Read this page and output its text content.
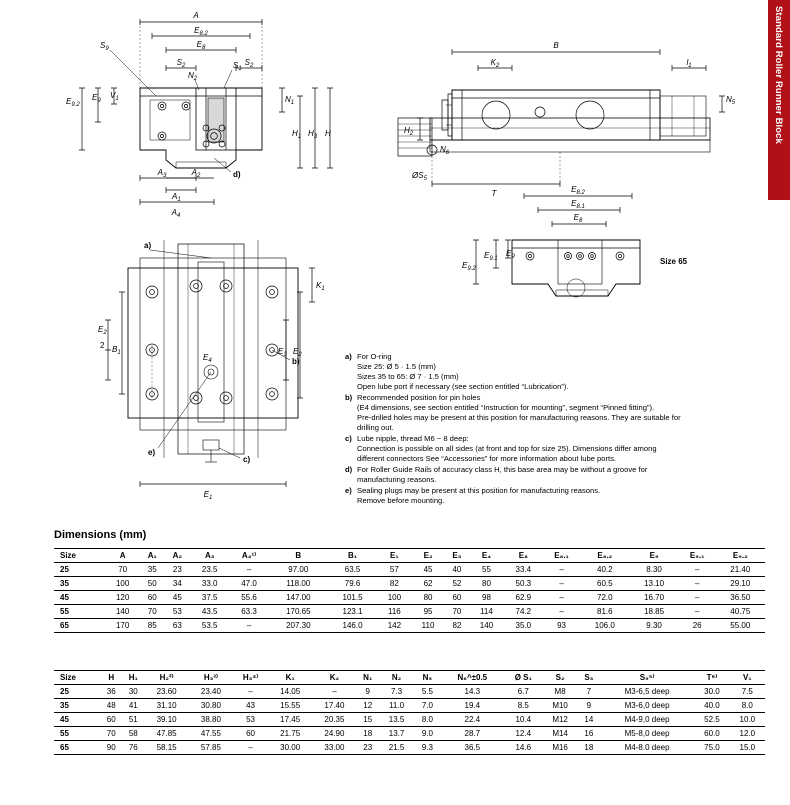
Standard Roller Runner Block
A
$E_{8.2}$
$E_8$
$S_2$	$S_2$
$S_1$
$S_9$
$N_2$
$N_1$
$E_{9.2}$
$E_9$
$V_1$
$H_1$ $H_3$ H
$A_3$	$A_2$
$A_1$
$A_4$
d)
B
$K_2$	$l_1$
$H_2$
$N_6$
$N_5$
$ØS_5$
T	$E_{8.2}$
$E_{8.1}$
$E_8$
$E_{9.2}$
$E_{9.1}$
$E_9$	Size 65
a)
b)
e)
c)
$K_1$
$E_2$
2 $B_1$	$E_4$
$E_3$ $E_2$
$E_1$
a) For O-ring
Size 25: Ø 5 · 1.5 (mm)
Sizes 35 to 65: Ø 7 · 1.5 (mm)
Open lube port if necessary (see section entitled “Lubrication”).
b) Recommended position for pin holes
(E4 dimensions, see section entitled “Instruction for mounting”, segment “Pinned fitting”).
Pre-drilled holes may be present at this position for manufacturing reasons. They are suitable for
drilling out.
c) Lube nipple, thread M6 − 8 deep:
Connection is possible on all sides (at front and top for size 25). Dimensions differ among
different connectors See “Accessories” for more information about lube ports.
d) For Roller Guide Rails of accuracy class H, this base area may be without a groove for
manufacturing reasons.
e) Sealing plugs may be present at this position for manufacturing reasons.
Remove before mounting.
Dimensions (mm)
Size	A	A₁	A₂	A₃	A₄¹⁾	B	B₁	E₁	E₂	E₃	E₄	E₈	E₈.₁	E₈.₂	E₉	E₉.₁	E₉.₂
25	70	35	23	23.5	–	97.00	63.5	57	45	40	55	33.4	–	40.2	8.30	–	21.40
35	100	50	34	33.0	47.0	118.00	79.6	82	62	52	80	50.3	–	60.5	13.10	–	29.10
45	120	60	45	37.5	55.6	147.00	101.5	100	80	60	98	62.9	–	72.0	16.70	–	36.50
55	140	70	53	43.5	63.3	170.65	123.1	116	95	70	114	74.2	–	81.6	18.85	–	40.75
65	170	85	63	53.5	–	207.30	146.0	142	110	82	140	35.0	93	106.0	9.30	26	55.00
Size	H	H₁	H₂²⁾	H₃³⁾	H₃⁴⁾	K₁	K₂	N₁	N₂	N₅	N₆^±0.5	Ø S₁	S₂	S₃	S₉⁵⁾	T⁶⁾	V₁
25	36	30	23.60	23.40	–	14.05	–	9	7.3	5.5	14.3	6.7	M8	7	M3-6,5 deep	30.0	7.5
35	48	41	31.10	30.80	43	15.55	17.40	12	11.0	7.0	19.4	8.5	M10	9	M3-6,0 deep	40.0	8.0
45	60	51	39.10	38.80	53	17.45	20.35	15	13.5	8.0	22.4	10.4	M12	14	M4-9,0 deep	52.5	10.0
55	70	58	47.85	47.55	60	21.75	24.90	18	13.7	9.0	28.7	12.4	M14	16	M5-8,0 deep	60.0	12.0
65	90	76	58.15	57.85	–	30.00	33.00	23	21.5	9.3	36.5	14.6	M16	18	M4-8.0 deep	75.0	15.0
